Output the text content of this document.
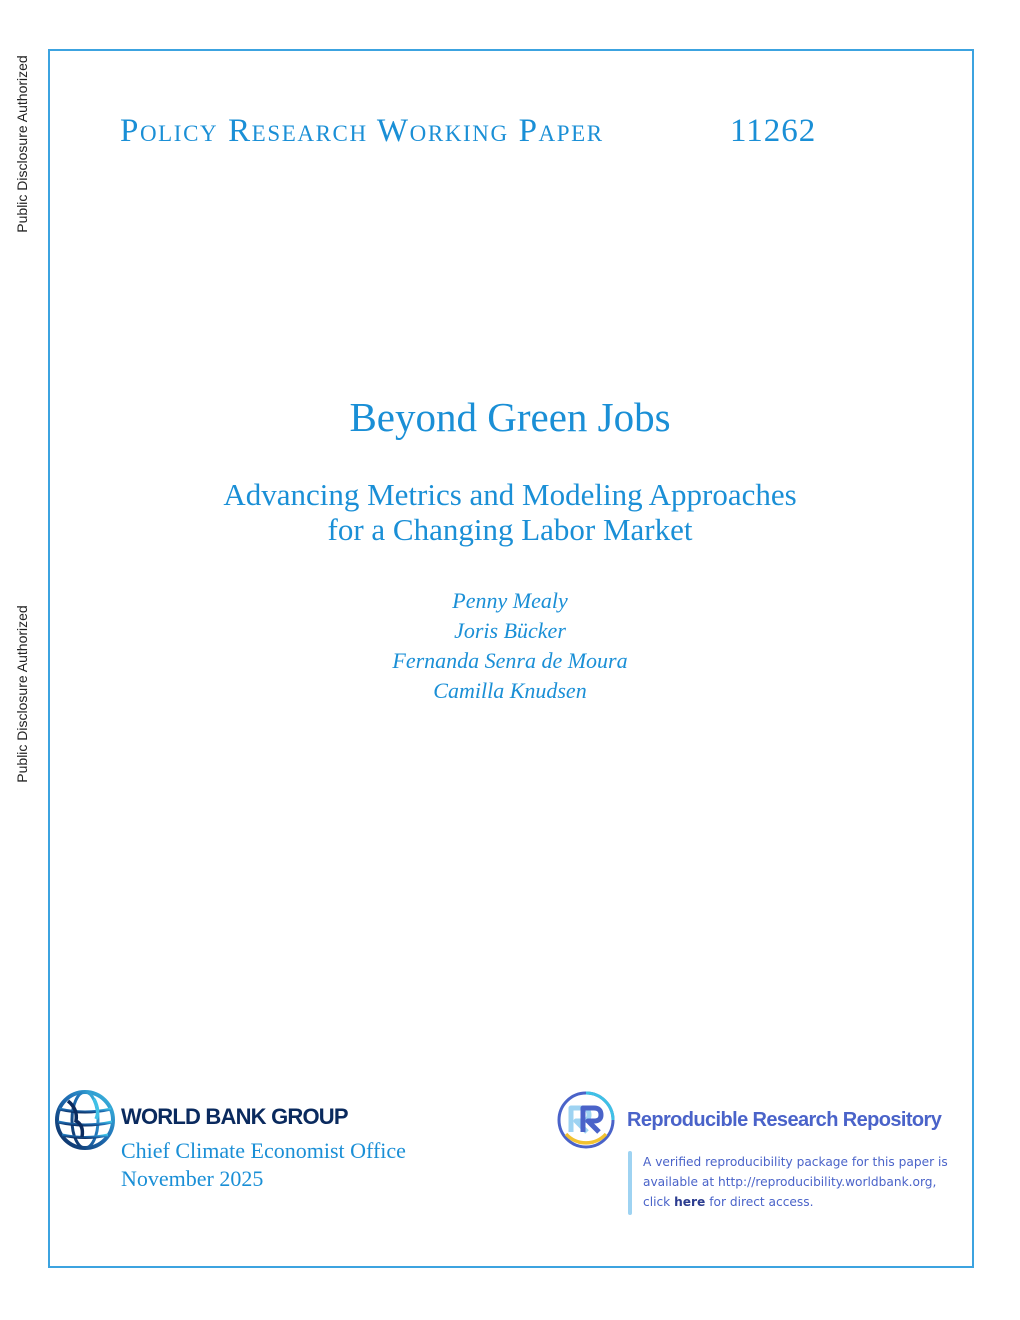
Public Disclosure Authorized
Public Disclosure Authorized
Policy Research Working Paper	11262
Beyond Green Jobs
Advancing Metrics and Modeling Approaches
for a Changing Labor Market
Penny Mealy
Joris Bücker
Fernanda Senra de Moura
Camilla Knudsen
WORLD BANK GROUP
Chief Climate Economist Office
November 2025
Reproducible Research Repository
A verified reproducibility package for this paper is
available at http://reproducibility.worldbank.org,
click here for direct access.
